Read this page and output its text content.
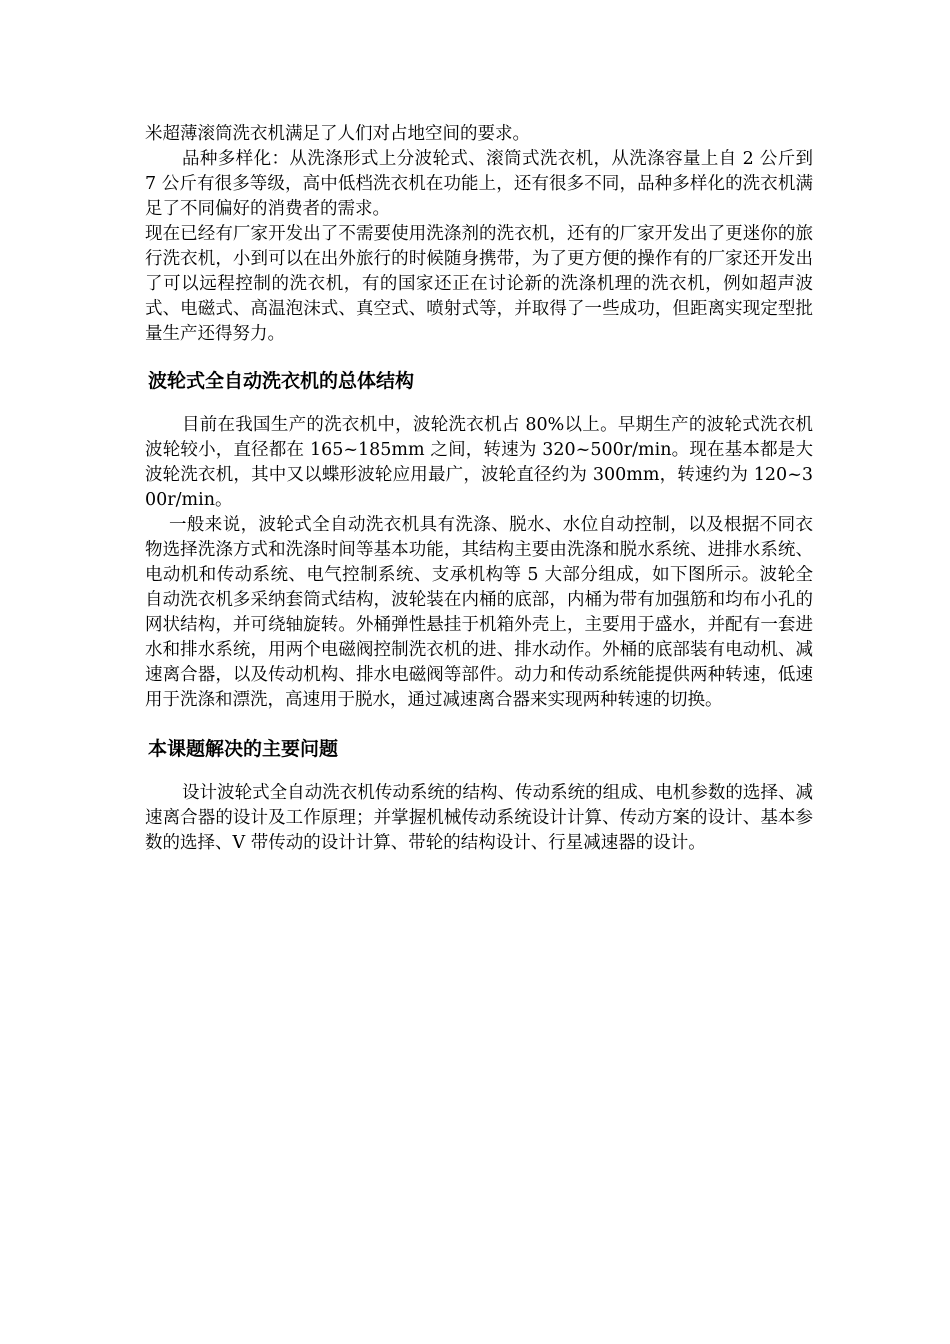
米超薄滚筒洗衣机满足了人们对占地空间的要求。

品种多样化：从洗涤形式上分波轮式、滚筒式洗衣机，从洗涤容量上自 2 公斤到 7 公斤有很多等级，高中低档洗衣机在功能上，还有很多不同，品种多样化的洗衣机满足了不同偏好的消费者的需求。

现在已经有厂家开发出了不需要使用洗涤剂的洗衣机，还有的厂家开发出了更迷你的旅行洗衣机，小到可以在出外旅行的时候随身携带，为了更方便的操作有的厂家还开发出了可以远程控制的洗衣机，有的国家还正在讨论新的洗涤机理的洗衣机，例如超声波式、电磁式、高温泡沫式、真空式、喷射式等，并取得了一些成功，但距离实现定型批量生产还得努力。

波轮式全自动洗衣机的总体结构

目前在我国生产的洗衣机中，波轮洗衣机占 80%以上。早期生产的波轮式洗衣机波轮较小，直径都在 165~185mm 之间，转速为 320~500r/min。现在基本都是大波轮洗衣机，其中又以蝶形波轮应用最广，波轮直径约为 300mm，转速约为 120~300r/min。

一般来说，波轮式全自动洗衣机具有洗涤、脱水、水位自动控制，以及根据不同衣物选择洗涤方式和洗涤时间等基本功能，其结构主要由洗涤和脱水系统、进排水系统、电动机和传动系统、电气控制系统、支承机构等 5 大部分组成，如下图所示。波轮全自动洗衣机多采纳套筒式结构，波轮装在内桶的底部，内桶为带有加强筋和均布小孔的网状结构，并可绕轴旋转。外桶弹性悬挂于机箱外壳上，主要用于盛水，并配有一套进水和排水系统，用两个电磁阀控制洗衣机的进、排水动作。外桶的底部装有电动机、减速离合器，以及传动机构、排水电磁阀等部件。动力和传动系统能提供两种转速，低速用于洗涤和漂洗，高速用于脱水，通过减速离合器来实现两种转速的切换。

本课题解决的主要问题

设计波轮式全自动洗衣机传动系统的结构、传动系统的组成、电机参数的选择、减速离合器的设计及工作原理；并掌握机械传动系统设计计算、传动方案的设计、基本参数的选择、V 带传动的设计计算、带轮的结构设计、行星减速器的设计。
